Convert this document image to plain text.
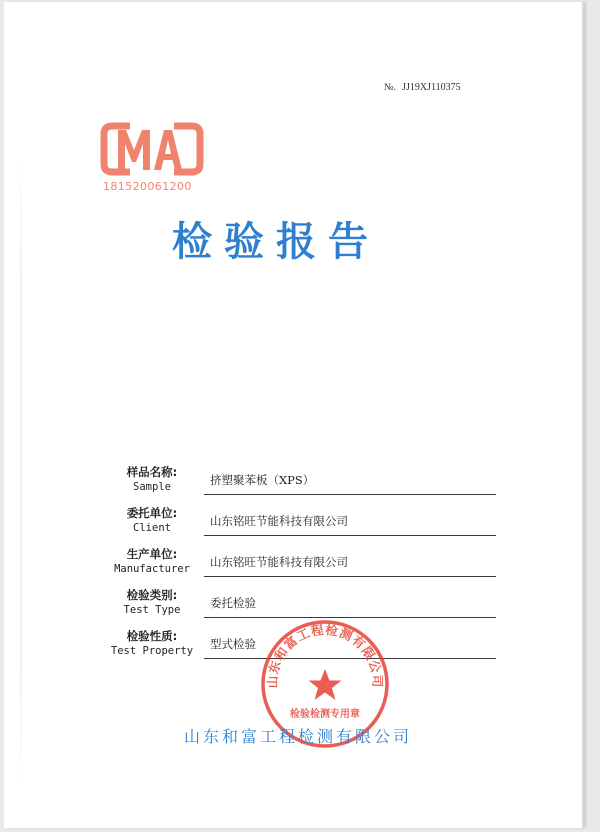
№. JJ19XJ110375
181520061200
检验报告
样品名称:
Sample	挤塑聚苯板（XPS）
委托单位:
Client	山东铭旺节能科技有限公司
生产单位:
Manufacturer	山东铭旺节能科技有限公司
检验类别:
Test Type	委托检验
检验性质:
Test Property	型式检验
山东和富工程检测有限公司
检验检测专用章
山东和富工程检测有限公司
